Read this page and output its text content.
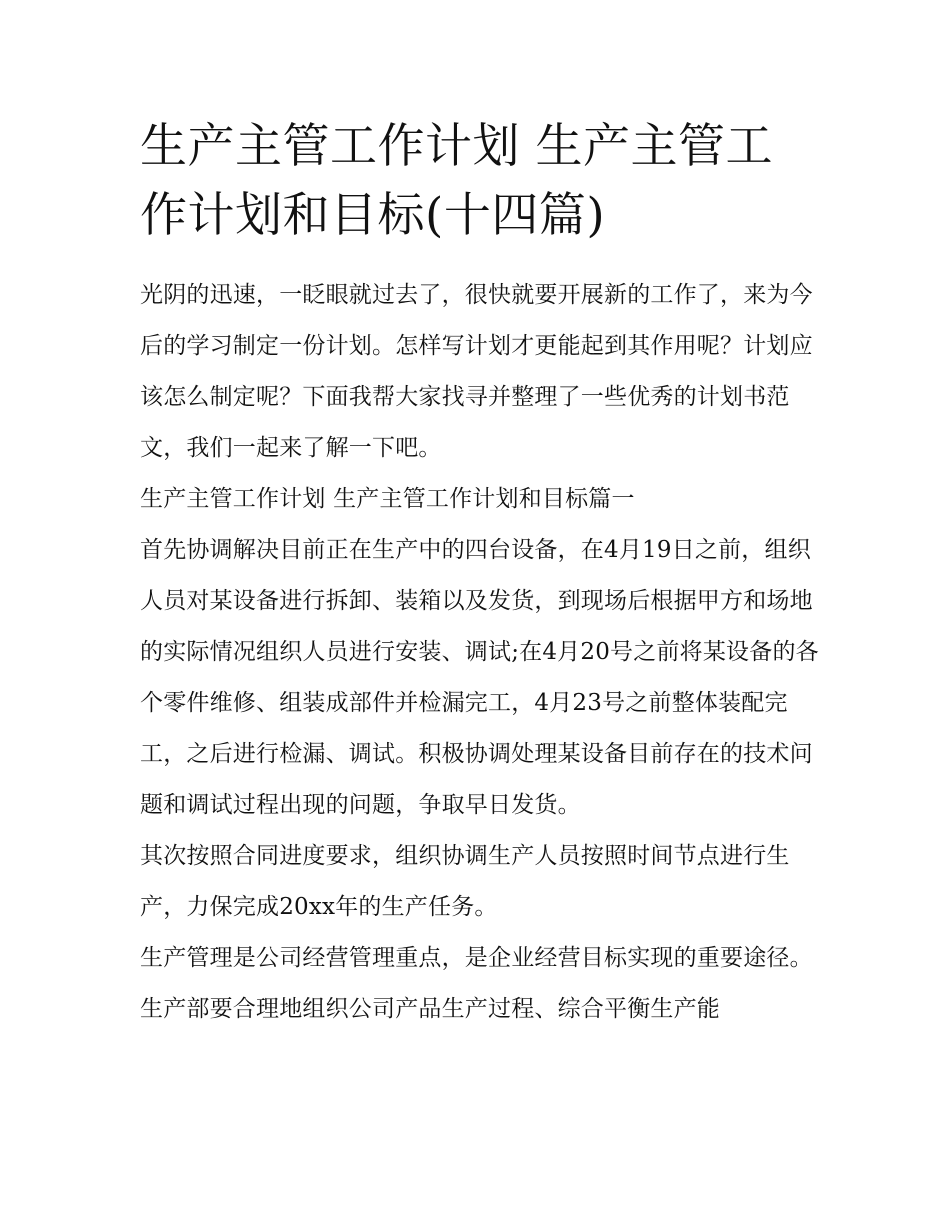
生产主管工作计划 生产主管工作计划和目标(十四篇)

光阴的迅速，一眨眼就过去了，很快就要开展新的工作了，来为今后的学习制定一份计划。怎样写计划才更能起到其作用呢？计划应该怎么制定呢？下面我帮大家找寻并整理了一些优秀的计划书范文，我们一起来了解一下吧。

生产主管工作计划 生产主管工作计划和目标篇一

首先协调解决目前正在生产中的四台设备，在4月19日之前，组织人员对某设备进行拆卸、装箱以及发货，到现场后根据甲方和场地的实际情况组织人员进行安装、调试;在4月20号之前将某设备的各个零件维修、组装成部件并检漏完工，4月23号之前整体装配完工，之后进行检漏、调试。积极协调处理某设备目前存在的技术问题和调试过程出现的问题，争取早日发货。

其次按照合同进度要求，组织协调生产人员按照时间节点进行生产，力保完成20xx年的生产任务。

生产管理是公司经营管理重点，是企业经营目标实现的重要途径。生产部要合理地组织公司产品生产过程、综合平衡生产能
